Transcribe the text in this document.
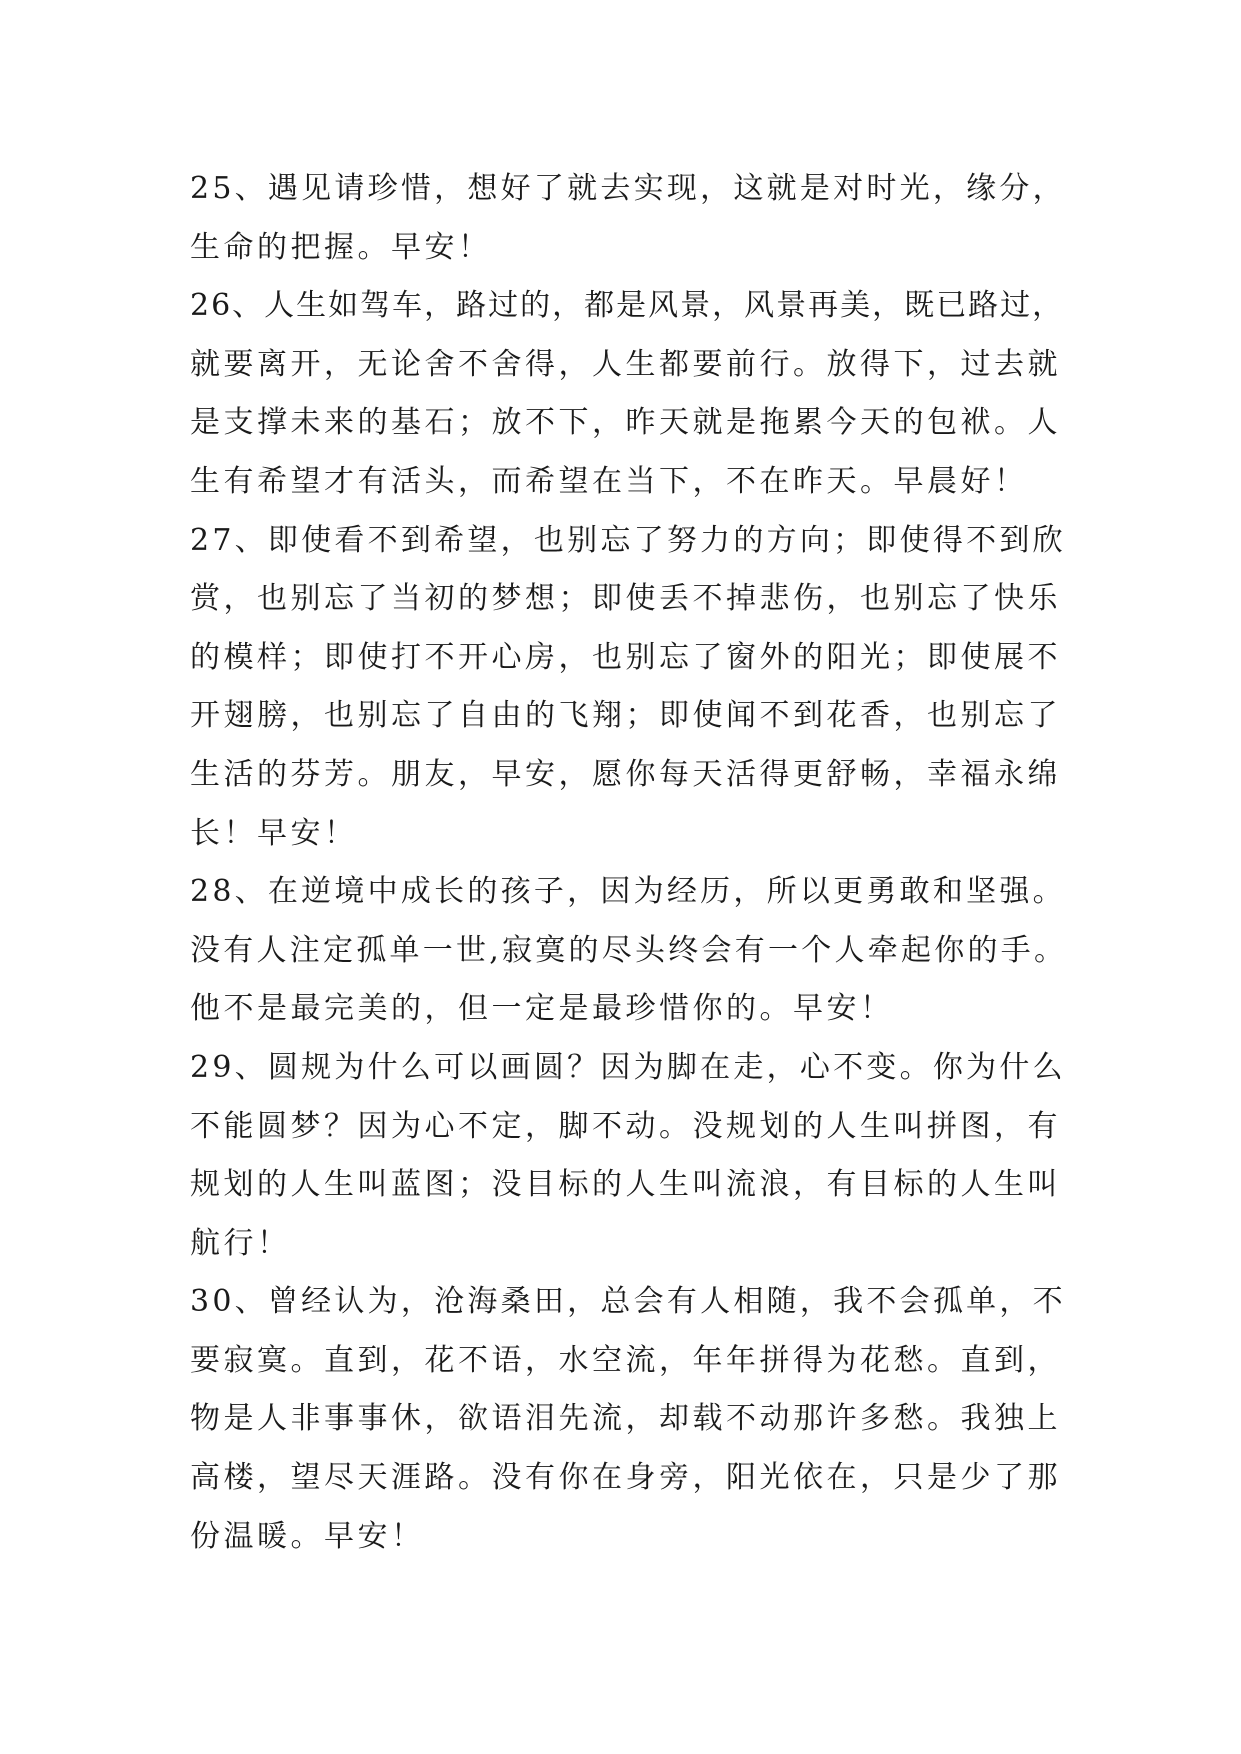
25、遇见请珍惜，想好了就去实现，这就是对时光，缘分，
生命的把握。早安！
26、人生如驾车，路过的，都是风景，风景再美，既已路过，
就要离开，无论舍不舍得，人生都要前行。放得下，过去就
是支撑未来的基石；放不下，昨天就是拖累今天的包袱。人
生有希望才有活头，而希望在当下，不在昨天。早晨好！
27、即使看不到希望，也别忘了努力的方向；即使得不到欣
赏，也别忘了当初的梦想；即使丢不掉悲伤，也别忘了快乐
的模样；即使打不开心房，也别忘了窗外的阳光；即使展不
开翅膀，也别忘了自由的飞翔；即使闻不到花香，也别忘了
生活的芬芳。朋友，早安，愿你每天活得更舒畅，幸福永绵
长！早安！
28、在逆境中成长的孩子，因为经历，所以更勇敢和坚强。
没有人注定孤单一世,寂寞的尽头终会有一个人牵起你的手。
他不是最完美的，但一定是最珍惜你的。早安！
29、圆规为什么可以画圆？因为脚在走，心不变。你为什么
不能圆梦？因为心不定，脚不动。没规划的人生叫拼图，有
规划的人生叫蓝图；没目标的人生叫流浪，有目标的人生叫
航行！
30、曾经认为，沧海桑田，总会有人相随，我不会孤单，不
要寂寞。直到，花不语，水空流，年年拼得为花愁。直到，
物是人非事事休，欲语泪先流，却载不动那许多愁。我独上
高楼，望尽天涯路。没有你在身旁，阳光依在，只是少了那
份温暖。早安！
